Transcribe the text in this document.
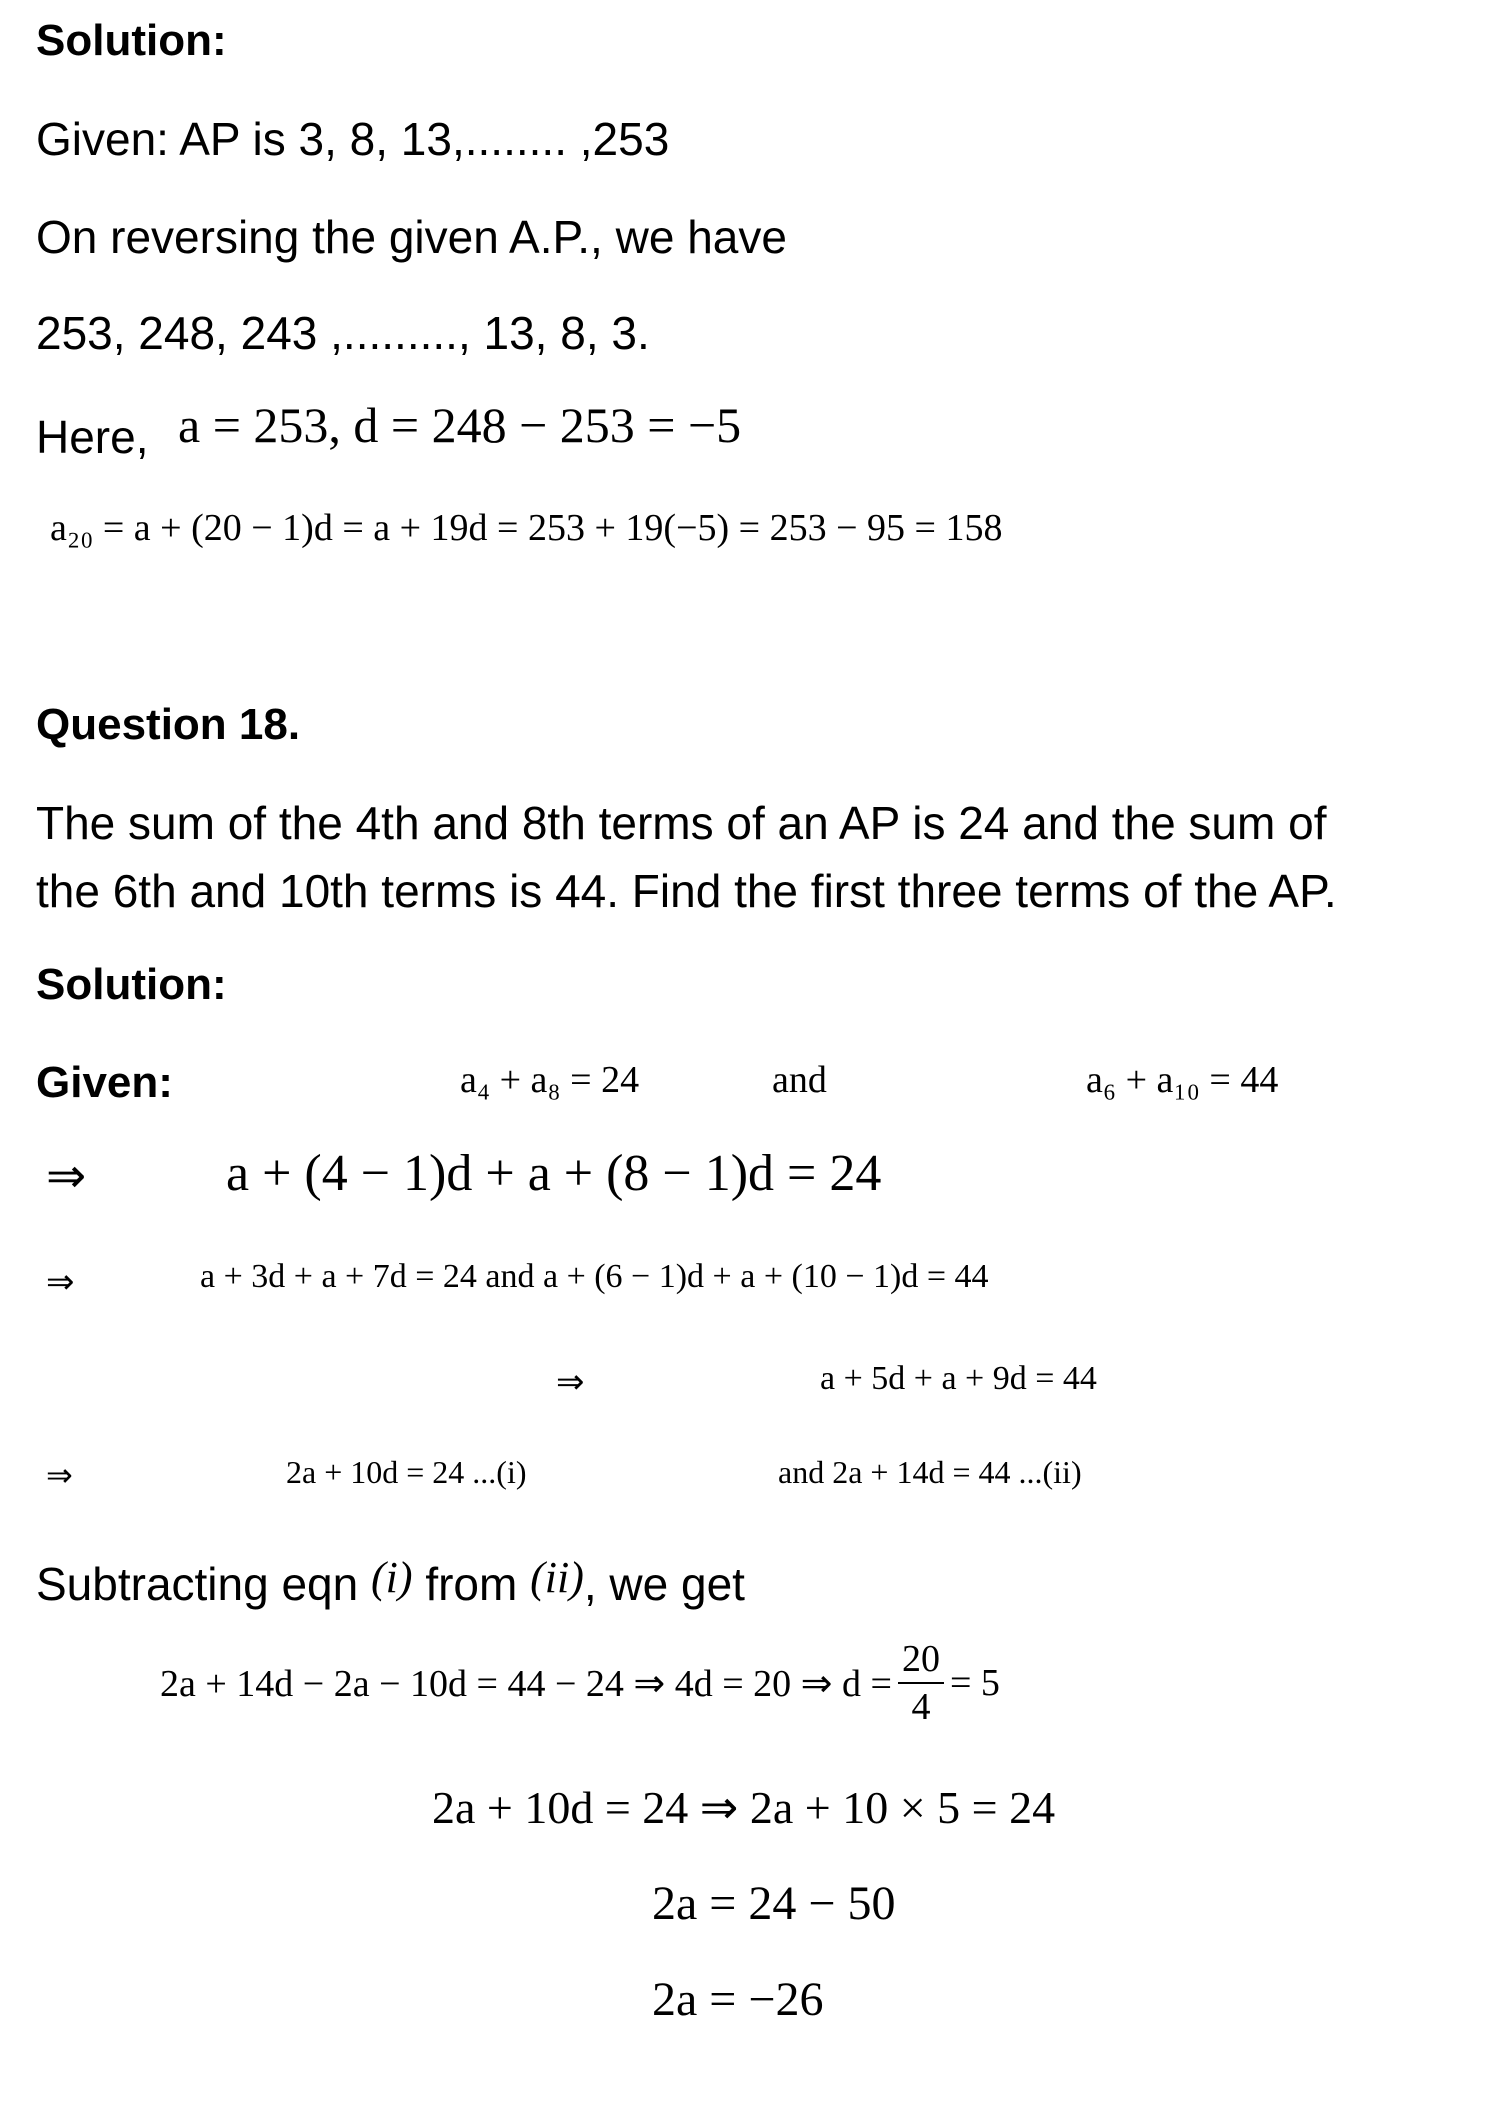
Solution:
Given: AP is 3, 8, 13,........ ,253
On reversing the given A.P., we have
253, 248, 243 ,........., 13, 8, 3.
Here, a = 253, d = 248 − 253 = −5
a₂₀ = a + (20 − 1)d = a + 19d = 253 + 19(−5) = 253 − 95 = 158
Question 18.
The sum of the 4th and 8th terms of an AP is 24 and the sum of
the 6th and 10th terms is 44. Find the first three terms of the AP.
Solution:
Given:	a₄ + a₈ = 24	and	a₆ + a₁₀ = 44
⇒	a + (4 − 1)d + a + (8 − 1)d = 24
⇒	a + 3d + a + 7d = 24 and a + (6 − 1)d + a + (10 − 1)d = 44
⇒	a + 5d + a + 9d = 44
⇒	2a + 10d = 24 ...(i)	and 2a + 14d = 44 ...(ii)
Subtracting eqn (i) from (ii), we get
2a + 14d − 2a − 10d = 44 − 24 ⇒ 4d = 20 ⇒ $d = \frac{20}{4} = 5$
2a + 10d = 24 ⇒ 2a + 10 × 5 = 24
2a = 24 − 50
2a = −26
